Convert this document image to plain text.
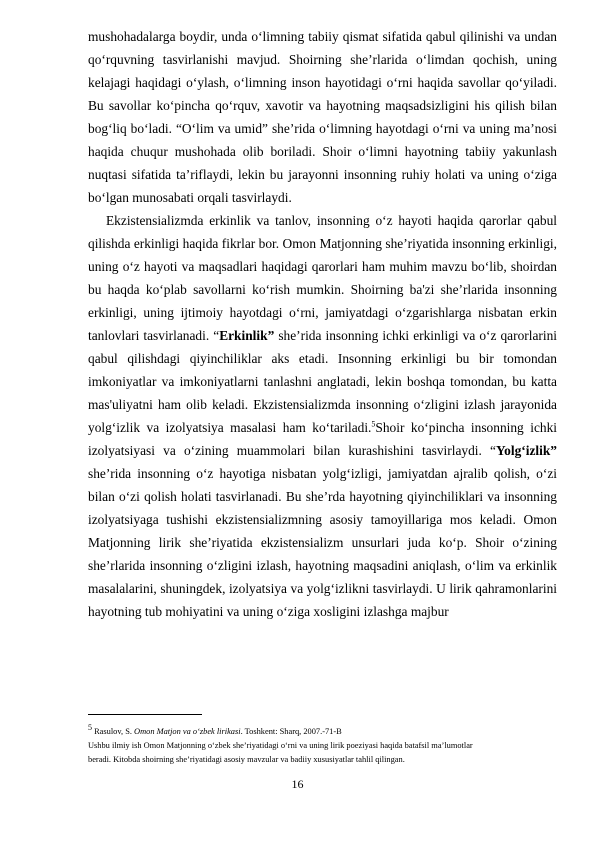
mushohadalarga boydir, unda o‘limning tabiiy qismat sifatida qabul qilinishi va undan qo‘rquvning tasvirlanishi mavjud. Shoirning she’rlarida o‘limdan qochish, uning kelajagi haqidagi o‘ylash, o‘limning inson hayotidagi o‘rni haqida savollar qo‘yiladi. Bu savollar ko‘pincha qo‘rquv, xavotir va hayotning maqsadsizligini his qilish bilan bog‘liq bo‘ladi. “O‘lim va umid” she’rida o‘limning hayotdagi o‘rni va uning ma’nosi haqida chuqur mushohada olib boriladi. Shoir o‘limni hayotning tabiiy yakunlash nuqtasi sifatida ta’riflaydi, lekin bu jarayonni insonning ruhiy holati va uning o‘ziga bo‘lgan munosabati orqali tasvirlaydi.

Ekzistensializmda erkinlik va tanlov, insonning o‘z hayoti haqida qarorlar qabul qilishda erkinligi haqida fikrlar bor. Omon Matjonning she’riyatida insonning erkinligi, uning o‘z hayoti va maqsadlari haqidagi qarorlari ham muhim mavzu bo‘lib, shoirdan bu haqda ko‘plab savollarni ko‘rish mumkin. Shoirning ba'zi she’rlarida insonning erkinligi, uning ijtimoiy hayotdagi o‘rni, jamiyatdagi o‘zgarishlarga nisbatan erkin tanlovlari tasvirlanadi. “Erkinlik” she’rida insonning ichki erkinligi va o‘z qarorlarini qabul qilishdagi qiyinchiliklar aks etadi. Insonning erkinligi bu bir tomondan imkoniyatlar va imkoniyatlarni tanlashni anglatadi, lekin boshqa tomondan, bu katta mas'uliyatni ham olib keladi. Ekzistensializmda insonning o‘zligini izlash jarayonida yolg‘izlik va izolyatsiya masalasi ham ko‘tariladi.$^5$Shoir ko‘pincha insonning ichki izolyatsiyasi va o‘zining muammolari bilan kurashishini tasvirlaydi. “Yolg‘izlik” she’rida insonning o‘z hayotiga nisbatan yolg‘izligi, jamiyatdan ajralib qolish, o‘zi bilan o‘zi qolish holati tasvirlanadi. Bu she’rda hayotning qiyinchiliklari va insonning izolyatsiyaga tushishi ekzistensializmning asosiy tamoyillariga mos keladi. Omon Matjonning lirik she’riyatida ekzistensializm unsurlari juda ko‘p. Shoir o‘zining she’rlarida insonning o‘zligini izlash, hayotning maqsadini aniqlash, o‘lim va erkinlik masalalarini, shuningdek, izolyatsiya va yolg‘izlikni tasvirlaydi. U lirik qahramonlarini hayotning tub mohiyatini va uning o‘ziga xosligini izlashga majbur

5 Rasulov, S. Omon Matjon va o‘zbek lirikasi. Toshkent: Sharq, 2007.-71-B

Ushbu ilmiy ish Omon Matjonning o‘zbek she’riyatidagi o‘rni va uning lirik poeziyasi haqida batafsil ma’lumotlar

beradi. Kitobda shoirning she’riyatidagi asosiy mavzular va badiiy xususiyatlar tahlil qilingan.

16
